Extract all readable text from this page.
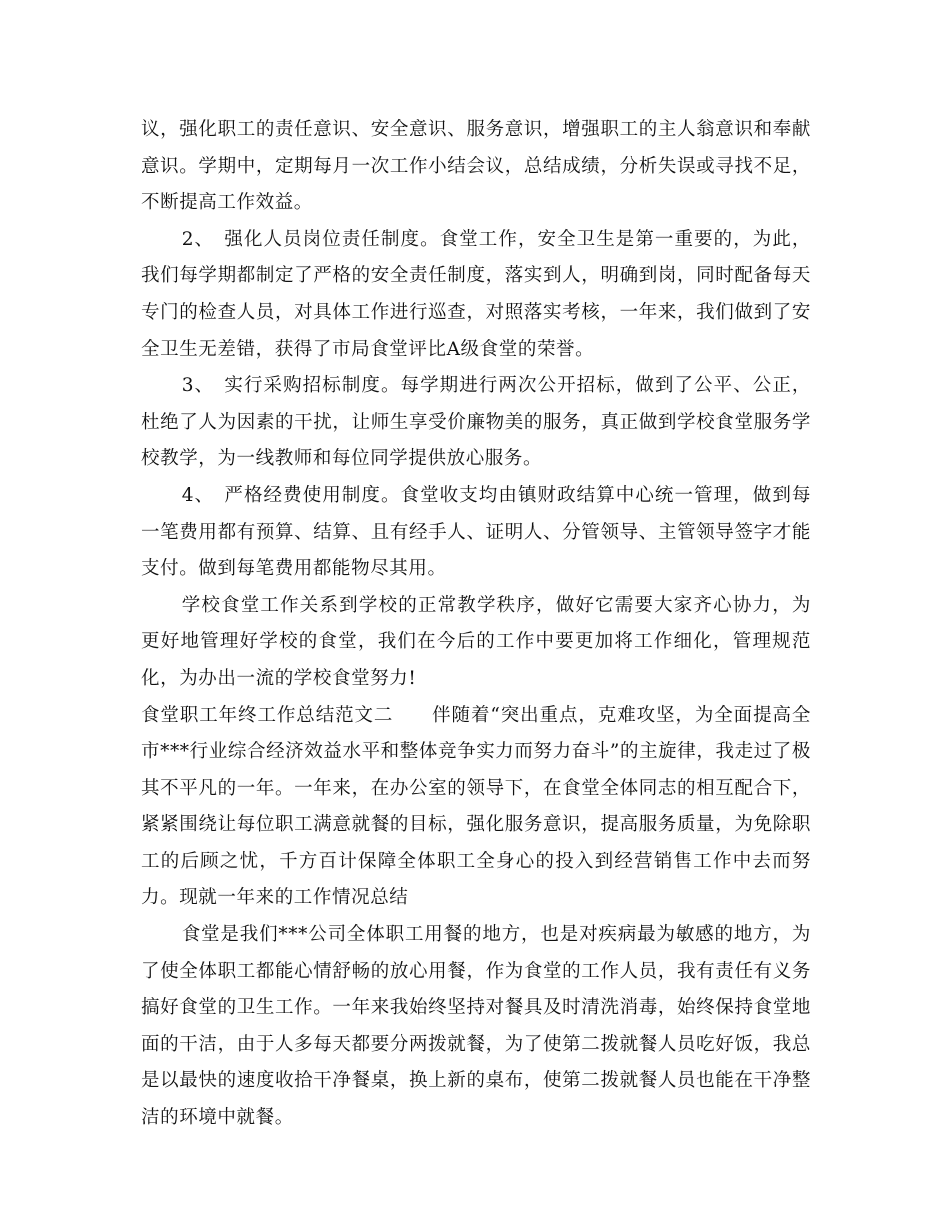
议，强化职工的责任意识、安全意识、服务意识，增强职工的主人翁意识和奉献意识。学期中，定期每月一次工作小结会议，总结成绩，分析失误或寻找不足，不断提高工作效益。

2、　强化人员岗位责任制度。食堂工作，安全卫生是第一重要的，为此，我们每学期都制定了严格的安全责任制度，落实到人，明确到岗，同时配备每天专门的检查人员，对具体工作进行巡查，对照落实考核，一年来，我们做到了安全卫生无差错，获得了市局食堂评比A级食堂的荣誉。

3、　实行采购招标制度。每学期进行两次公开招标，做到了公平、公正，杜绝了人为因素的干扰，让师生享受价廉物美的服务，真正做到学校食堂服务学校教学，为一线教师和每位同学提供放心服务。

4、　严格经费使用制度。食堂收支均由镇财政结算中心统一管理，做到每一笔费用都有预算、结算、且有经手人、证明人、分管领导、主管领导签字才能支付。做到每笔费用都能物尽其用。

学校食堂工作关系到学校的正常教学秩序，做好它需要大家齐心协力，为更好地管理好学校的食堂，我们在今后的工作中要更加将工作细化，管理规范化，为办出一流的学校食堂努力!

食堂职工年终工作总结范文二　　伴随着“突出重点，克难攻坚，为全面提高全市***行业综合经济效益水平和整体竞争实力而努力奋斗”的主旋律，我走过了极其不平凡的一年。一年来，在办公室的领导下，在食堂全体同志的相互配合下，紧紧围绕让每位职工满意就餐的目标，强化服务意识，提高服务质量，为免除职工的后顾之忧，千方百计保障全体职工全身心的投入到经营销售工作中去而努力。现就一年来的工作情况总结

食堂是我们***公司全体职工用餐的地方，也是对疾病最为敏感的地方，为了使全体职工都能心情舒畅的放心用餐，作为食堂的工作人员，我有责任有义务搞好食堂的卫生工作。一年来我始终坚持对餐具及时清洗消毒，始终保持食堂地面的干洁，由于人多每天都要分两拨就餐，为了使第二拨就餐人员吃好饭，我总是以最快的速度收拾干净餐桌，换上新的桌布，使第二拨就餐人员也能在干净整洁的环境中就餐。
